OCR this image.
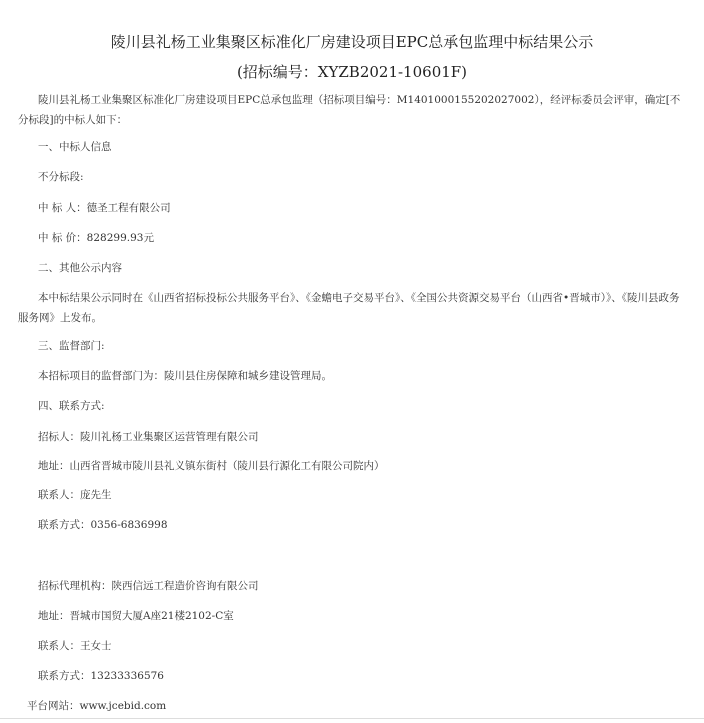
陵川县礼杨工业集聚区标准化厂房建设项目EPC总承包监理中标结果公示
(招标编号：XYZB2021-10601F)
陵川县礼杨工业集聚区标准化厂房建设项目EPC总承包监理（招标项目编号：M1401000155202027002），经评标委员会评审，确定[不分标段]的中标人如下：
一、中标人信息
不分标段:
中 标 人：德圣工程有限公司
中 标 价：828299.93元
二、其他公示内容
本中标结果公示同时在《山西省招标投标公共服务平台》、《金蟾电子交易平台》、《全国公共资源交易平台（山西省•晋城市）》、《陵川县政务服务网》上发布。
三、监督部门:
本招标项目的监督部门为：陵川县住房保障和城乡建设管理局。
四、联系方式:
招标人：陵川礼杨工业集聚区运营管理有限公司
地址：山西省晋城市陵川县礼义镇东街村（陵川县行源化工有限公司院内）
联系人：庞先生
联系方式：0356-6836998
招标代理机构：陕西信远工程造价咨询有限公司
地址：晋城市国贸大厦A座21楼2102-C室
联系人：王女士
联系方式：13233336576
平台网站：www.jcebid.com
